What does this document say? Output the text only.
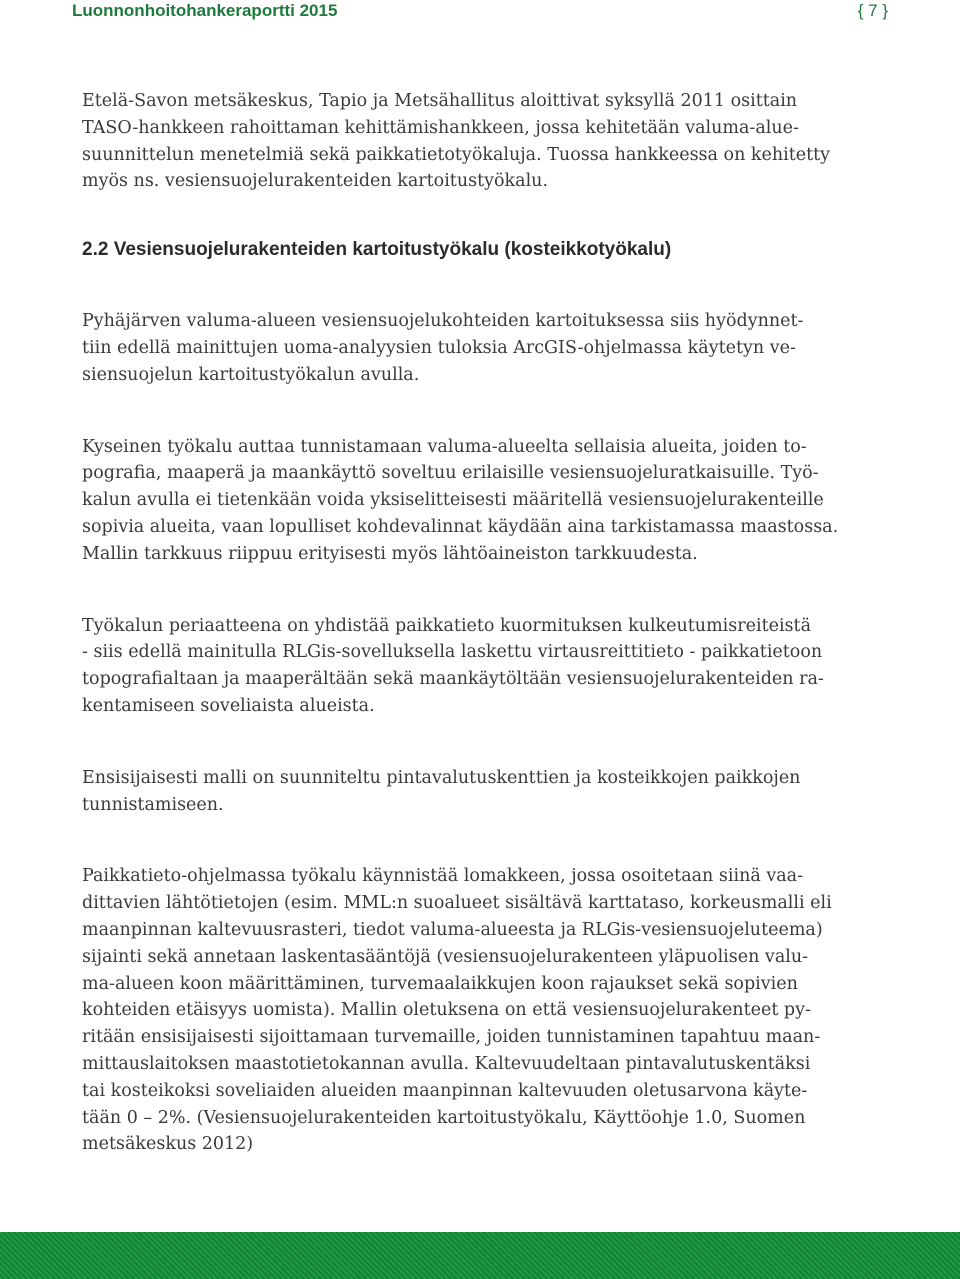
Luonnonhoitohankeraportti 2015	{ 7 }

Etelä-Savon metsäkeskus, Tapio ja Metsähallitus aloittivat syksyllä 2011 osittain
TASO-hankkeen rahoittaman kehittämishankkeen, jossa kehitetään valuma-alue-
suunnittelun menetelmiä sekä paikkatietotyökaluja. Tuossa hankkeessa on kehitetty
myös ns. vesiensuojelurakenteiden kartoitustyökalu.

2.2 Vesiensuojelurakenteiden kartoitustyökalu (kosteikkotyökalu)

Pyhäjärven valuma-alueen vesiensuojelukohteiden kartoituksessa siis hyödynnet-
tiin edellä mainittujen uoma-analyysien tuloksia ArcGIS-ohjelmassa käytetyn ve-
siensuojelun kartoitustyökalun avulla.

Kyseinen työkalu auttaa tunnistamaan valuma-alueelta sellaisia alueita, joiden to-
pografia, maaperä ja maankäyttö soveltuu erilaisille vesiensuojeluratkaisuille. Työ-
kalun avulla ei tietenkään voida yksiselitteisesti määritellä vesiensuojelurakenteille
sopivia alueita, vaan lopulliset kohdevalinnat käydään aina tarkistamassa maastossa.
Mallin tarkkuus riippuu erityisesti myös lähtöaineiston tarkkuudesta.

Työkalun periaatteena on yhdistää paikkatieto kuormituksen kulkeutumisreiteistä
- siis edellä mainitulla RLGis-sovelluksella laskettu virtausreittitieto - paikkatietoon
topografialtaan ja maaperältään sekä maankäytöltään vesiensuojelurakenteiden ra-
kentamiseen soveliaista alueista.

Ensisijaisesti malli on suunniteltu pintavalutuskenttien ja kosteikkojen paikkojen
tunnistamiseen.

Paikkatieto-ohjelmassa työkalu käynnistää lomakkeen, jossa osoitetaan siinä vaa-
dittavien lähtötietojen (esim. MML:n suoalueet sisältävä karttataso, korkeusmalli eli
maanpinnan kaltevuusrasteri, tiedot valuma-alueesta ja RLGis-vesiensuojeluteema)
sijainti sekä annetaan laskentasääntöjä (vesiensuojelurakenteen yläpuolisen valu-
ma-alueen koon määrittäminen, turvemaalaikkujen koon rajaukset sekä sopivien
kohteiden etäisyys uomista). Mallin oletuksena on että vesiensuojelurakenteet py-
ritään ensisijaisesti sijoittamaan turvemaille, joiden tunnistaminen tapahtuu maan-
mittauslaitoksen maastotietokannan avulla. Kaltevuudeltaan pintavalutuskentäksi
tai kosteikoksi soveliaiden alueiden maanpinnan kaltevuuden oletusarvona käyte-
tään 0 – 2%. (Vesiensuojelurakenteiden kartoitustyökalu, Käyttöohje 1.0, Suomen
metsäkeskus 2012)
